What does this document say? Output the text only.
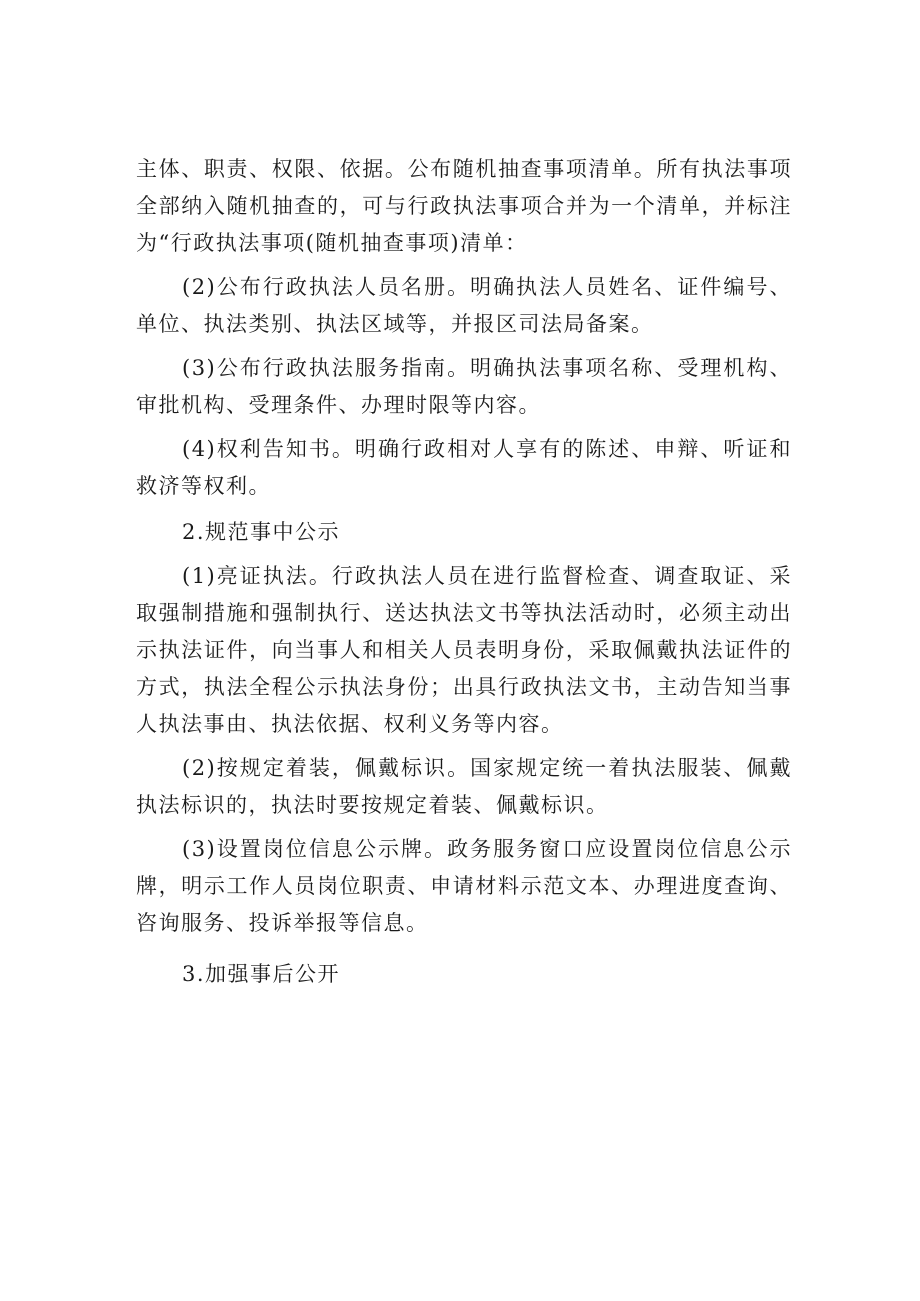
主体、职责、权限、依据。公布随机抽查事项清单。所有执法事项全部纳入随机抽查的，可与行政执法事项合并为一个清单，并标注为“行政执法事项(随机抽查事项)清单：

(2)公布行政执法人员名册。明确执法人员姓名、证件编号、单位、执法类别、执法区域等，并报区司法局备案。

(3)公布行政执法服务指南。明确执法事项名称、受理机构、审批机构、受理条件、办理时限等内容。

(4)权利告知书。明确行政相对人享有的陈述、申辩、听证和救济等权利。

2.规范事中公示

(1)亮证执法。行政执法人员在进行监督检查、调查取证、采取强制措施和强制执行、送达执法文书等执法活动时，必须主动出示执法证件，向当事人和相关人员表明身份，采取佩戴执法证件的方式，执法全程公示执法身份；出具行政执法文书，主动告知当事人执法事由、执法依据、权利义务等内容。

(2)按规定着装，佩戴标识。国家规定统一着执法服装、佩戴执法标识的，执法时要按规定着装、佩戴标识。

(3)设置岗位信息公示牌。政务服务窗口应设置岗位信息公示牌，明示工作人员岗位职责、申请材料示范文本、办理进度查询、咨询服务、投诉举报等信息。

3.加强事后公开
